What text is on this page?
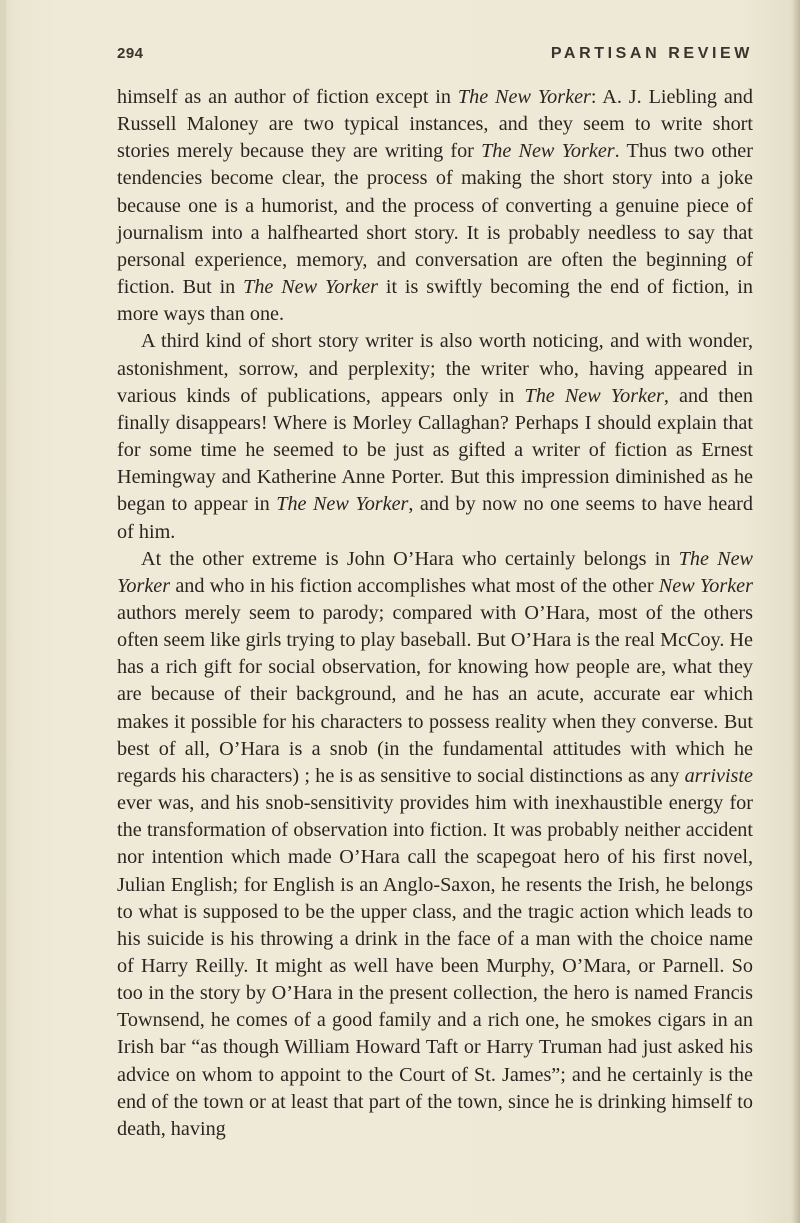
294	PARTISAN REVIEW

himself as an author of fiction except in The New Yorker: A. J. Liebling and Russell Maloney are two typical instances, and they seem to write short stories merely because they are writing for The New Yorker. Thus two other tendencies become clear, the process of making the short story into a joke because one is a humorist, and the process of converting a genuine piece of journalism into a halfhearted short story. It is probably needless to say that personal experience, memory, and conversation are often the beginning of fiction. But in The New Yorker it is swiftly becoming the end of fiction, in more ways than one.

A third kind of short story writer is also worth noticing, and with wonder, astonishment, sorrow, and perplexity; the writer who, having appeared in various kinds of publications, appears only in The New Yorker, and then finally disappears! Where is Morley Callaghan? Perhaps I should explain that for some time he seemed to be just as gifted a writer of fiction as Ernest Hemingway and Katherine Anne Porter. But this impression diminished as he began to appear in The New Yorker, and by now no one seems to have heard of him.

At the other extreme is John O’Hara who certainly belongs in The New Yorker and who in his fiction accomplishes what most of the other New Yorker authors merely seem to parody; compared with O’Hara, most of the others often seem like girls trying to play baseball. But O’Hara is the real McCoy. He has a rich gift for social observation, for knowing how people are, what they are because of their background, and he has an acute, accurate ear which makes it possible for his characters to possess reality when they converse. But best of all, O’Hara is a snob (in the fundamental attitudes with which he regards his characters) ; he is as sensitive to social distinctions as any arriviste ever was, and his snob-sensitivity provides him with inexhaustible energy for the transformation of observation into fiction. It was probably neither accident nor intention which made O’Hara call the scapegoat hero of his first novel, Julian English; for English is an Anglo-Saxon, he resents the Irish, he belongs to what is supposed to be the upper class, and the tragic action which leads to his suicide is his throwing a drink in the face of a man with the choice name of Harry Reilly. It might as well have been Murphy, O’Mara, or Parnell. So too in the story by O’Hara in the present collection, the hero is named Francis Townsend, he comes of a good family and a rich one, he smokes cigars in an Irish bar “as though William Howard Taft or Harry Truman had just asked his advice on whom to appoint to the Court of St. James”; and he certainly is the end of the town or at least that part of the town, since he is drinking himself to death, having
